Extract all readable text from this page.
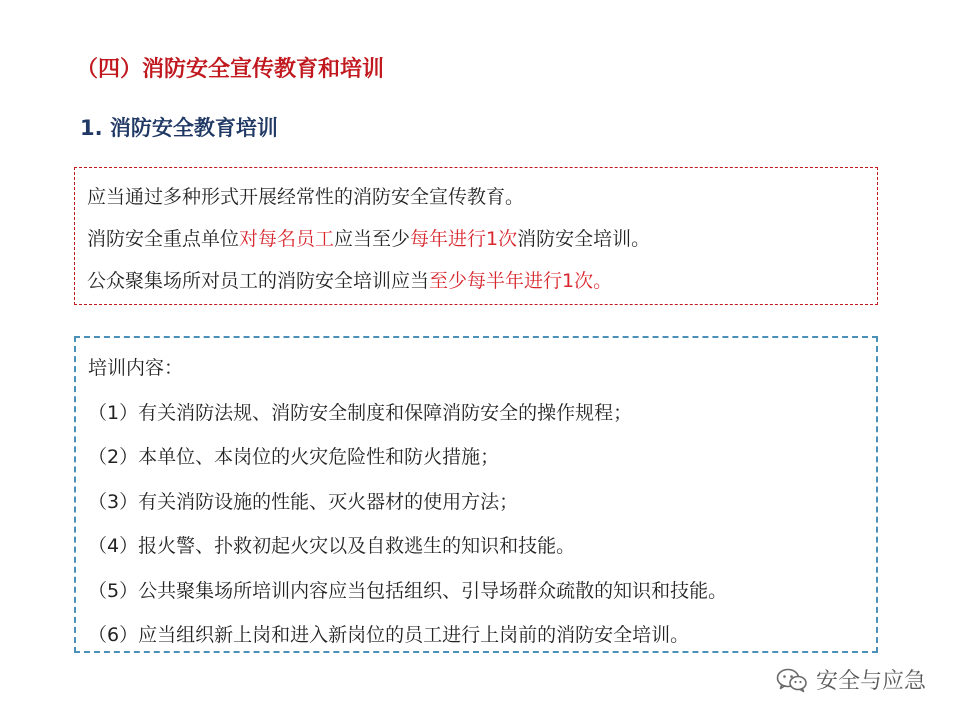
（四）消防安全宣传教育和培训
1. 消防安全教育培训
应当通过多种形式开展经常性的消防安全宣传教育。
消防安全重点单位对每名员工应当至少每年进行1次消防安全培训。
公众聚集场所对员工的消防安全培训应当至少每半年进行1次。
培训内容：
（1）有关消防法规、消防安全制度和保障消防安全的操作规程；
（2）本单位、本岗位的火灾危险性和防火措施；
（3）有关消防设施的性能、灭火器材的使用方法；
（4）报火警、扑救初起火灾以及自救逃生的知识和技能。
（5）公共聚集场所培训内容应当包括组织、引导场群众疏散的知识和技能。
（6）应当组织新上岗和进入新岗位的员工进行上岗前的消防安全培训。
安全与应急
